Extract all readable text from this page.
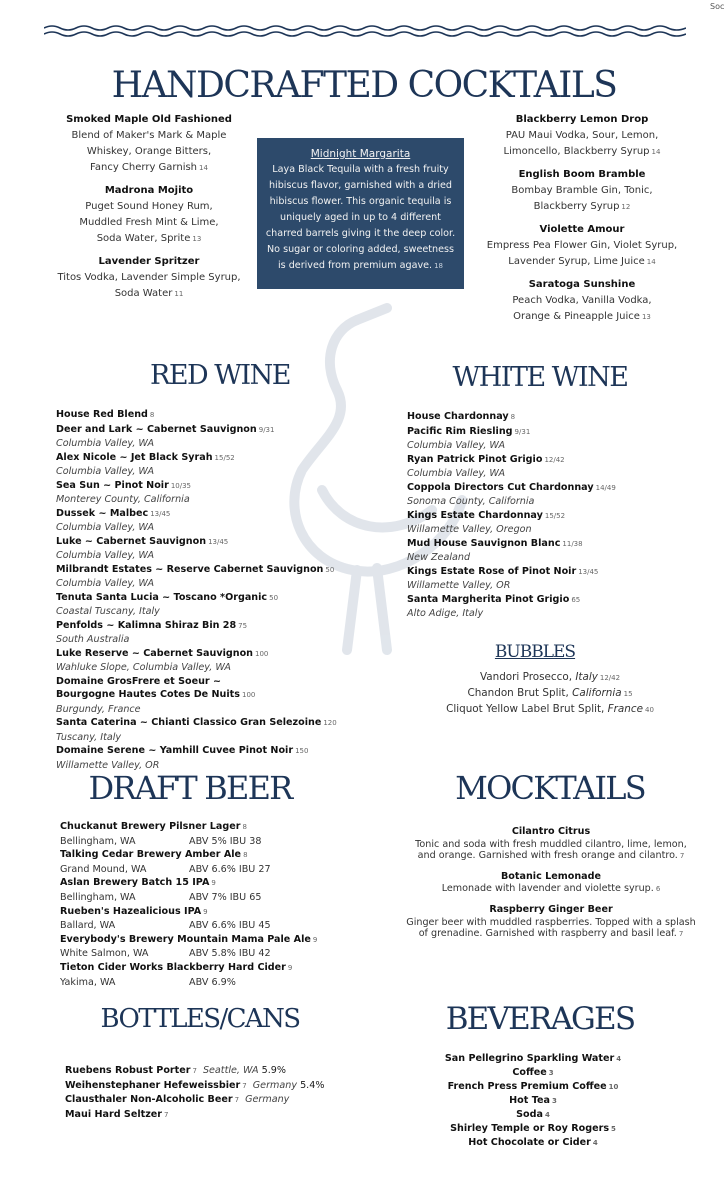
Soc
HANDCRAFTED COCKTAILS
Smoked Maple Old Fashioned
Blend of Maker's Mark & Maple
Whiskey, Orange Bitters,
Fancy Cherry Garnish 14
Madrona Mojito
Puget Sound Honey Rum,
Muddled Fresh Mint & Lime,
Soda Water, Sprite 13
Lavender Spritzer
Titos Vodka, Lavender Simple Syrup,
Soda Water 11
Midnight Margarita
Laya Black Tequila with a fresh fruity
hibiscus flavor, garnished with a dried
hibiscus flower. This organic tequila is
uniquely aged in up to 4 different
charred barrels giving it the deep color.
No sugar or coloring added, sweetness
is derived from premium agave. 18
Blackberry Lemon Drop
PAU Maui Vodka, Sour, Lemon,
Limoncello, Blackberry Syrup 14
English Boom Bramble
Bombay Bramble Gin, Tonic,
Blackberry Syrup 12
Violette Amour
Empress Pea Flower Gin, Violet Syrup,
Lavender Syrup, Lime Juice 14
Saratoga Sunshine
Peach Vodka, Vanilla Vodka,
Orange & Pineapple Juice 13
RED WINE	WHITE WINE
House Red Blend 8
Deer and Lark ~ Cabernet Sauvignon 9/31
Columbia Valley, WA
Alex Nicole ~ Jet Black Syrah 15/52
Columbia Valley, WA
Sea Sun ~ Pinot Noir 10/35
Monterey County, California
Dussek ~ Malbec 13/45
Columbia Valley, WA
Luke ~ Cabernet Sauvignon 13/45
Columbia Valley, WA
Milbrandt Estates ~ Reserve Cabernet Sauvignon 50
Columbia Valley, WA
Tenuta Santa Lucia ~ Toscano *Organic 50
Coastal Tuscany, Italy
Penfolds ~ Kalimna Shiraz Bin 28 75
South Australia
Luke Reserve ~ Cabernet Sauvignon 100
Wahluke Slope, Columbia Valley, WA
Domaine GrosFrere et Soeur ~
Bourgogne Hautes Cotes De Nuits 100
Burgundy, France
Santa Caterina ~ Chianti Classico Gran Selezoine 120
Tuscany, Italy
Domaine Serene ~ Yamhill Cuvee Pinot Noir 150
Willamette Valley, OR
House Chardonnay 8
Pacific Rim Riesling 9/31
Columbia Valley, WA
Ryan Patrick Pinot Grigio 12/42
Columbia Valley, WA
Coppola Directors Cut Chardonnay 14/49
Sonoma County, California
Kings Estate Chardonnay 15/52
Willamette Valley, Oregon
Mud House Sauvignon Blanc 11/38
New Zealand
Kings Estate Rose of Pinot Noir 13/45
Willamette Valley, OR
Santa Margherita Pinot Grigio 65
Alto Adige, Italy
BUBBLES
Vandori Prosecco, Italy 12/42
Chandon Brut Split, California 15
Cliquot Yellow Label Brut Split, France 40
DRAFT BEER
Chuckanut Brewery Pilsner Lager 8
Bellingham, WA	ABV 5% IBU 38
Talking Cedar Brewery Amber Ale 8
Grand Mound, WA	ABV 6.6% IBU 27
Aslan Brewery Batch 15 IPA 9
Bellingham, WA	ABV 7% IBU 65
Rueben's Hazealicious IPA 9
Ballard, WA	ABV 6.6% IBU 45
Everybody's Brewery Mountain Mama Pale Ale 9
White Salmon, WA	ABV 5.8% IBU 42
Tieton Cider Works Blackberry Hard Cider 9
Yakima, WA	ABV 6.9%
MOCKTAILS
Cilantro Citrus
Tonic and soda with fresh muddled cilantro, lime, lemon,
and orange. Garnished with fresh orange and cilantro. 7
Botanic Lemonade
Lemonade with lavender and violette syrup. 6
Raspberry Ginger Beer
Ginger beer with muddled raspberries. Topped with a splash
of grenadine. Garnished with raspberry and basil leaf. 7
BOTTLES/CANS
Ruebens Robust Porter 7 Seattle, WA 5.9%
Weihenstephaner Hefeweissbier 7 Germany 5.4%
Clausthaler Non-Alcoholic Beer 7 Germany
Maui Hard Seltzer 7
BEVERAGES
San Pellegrino Sparkling Water 4
Coffee 3
French Press Premium Coffee 10
Hot Tea 3
Soda 4
Shirley Temple or Roy Rogers 5
Hot Chocolate or Cider 4
